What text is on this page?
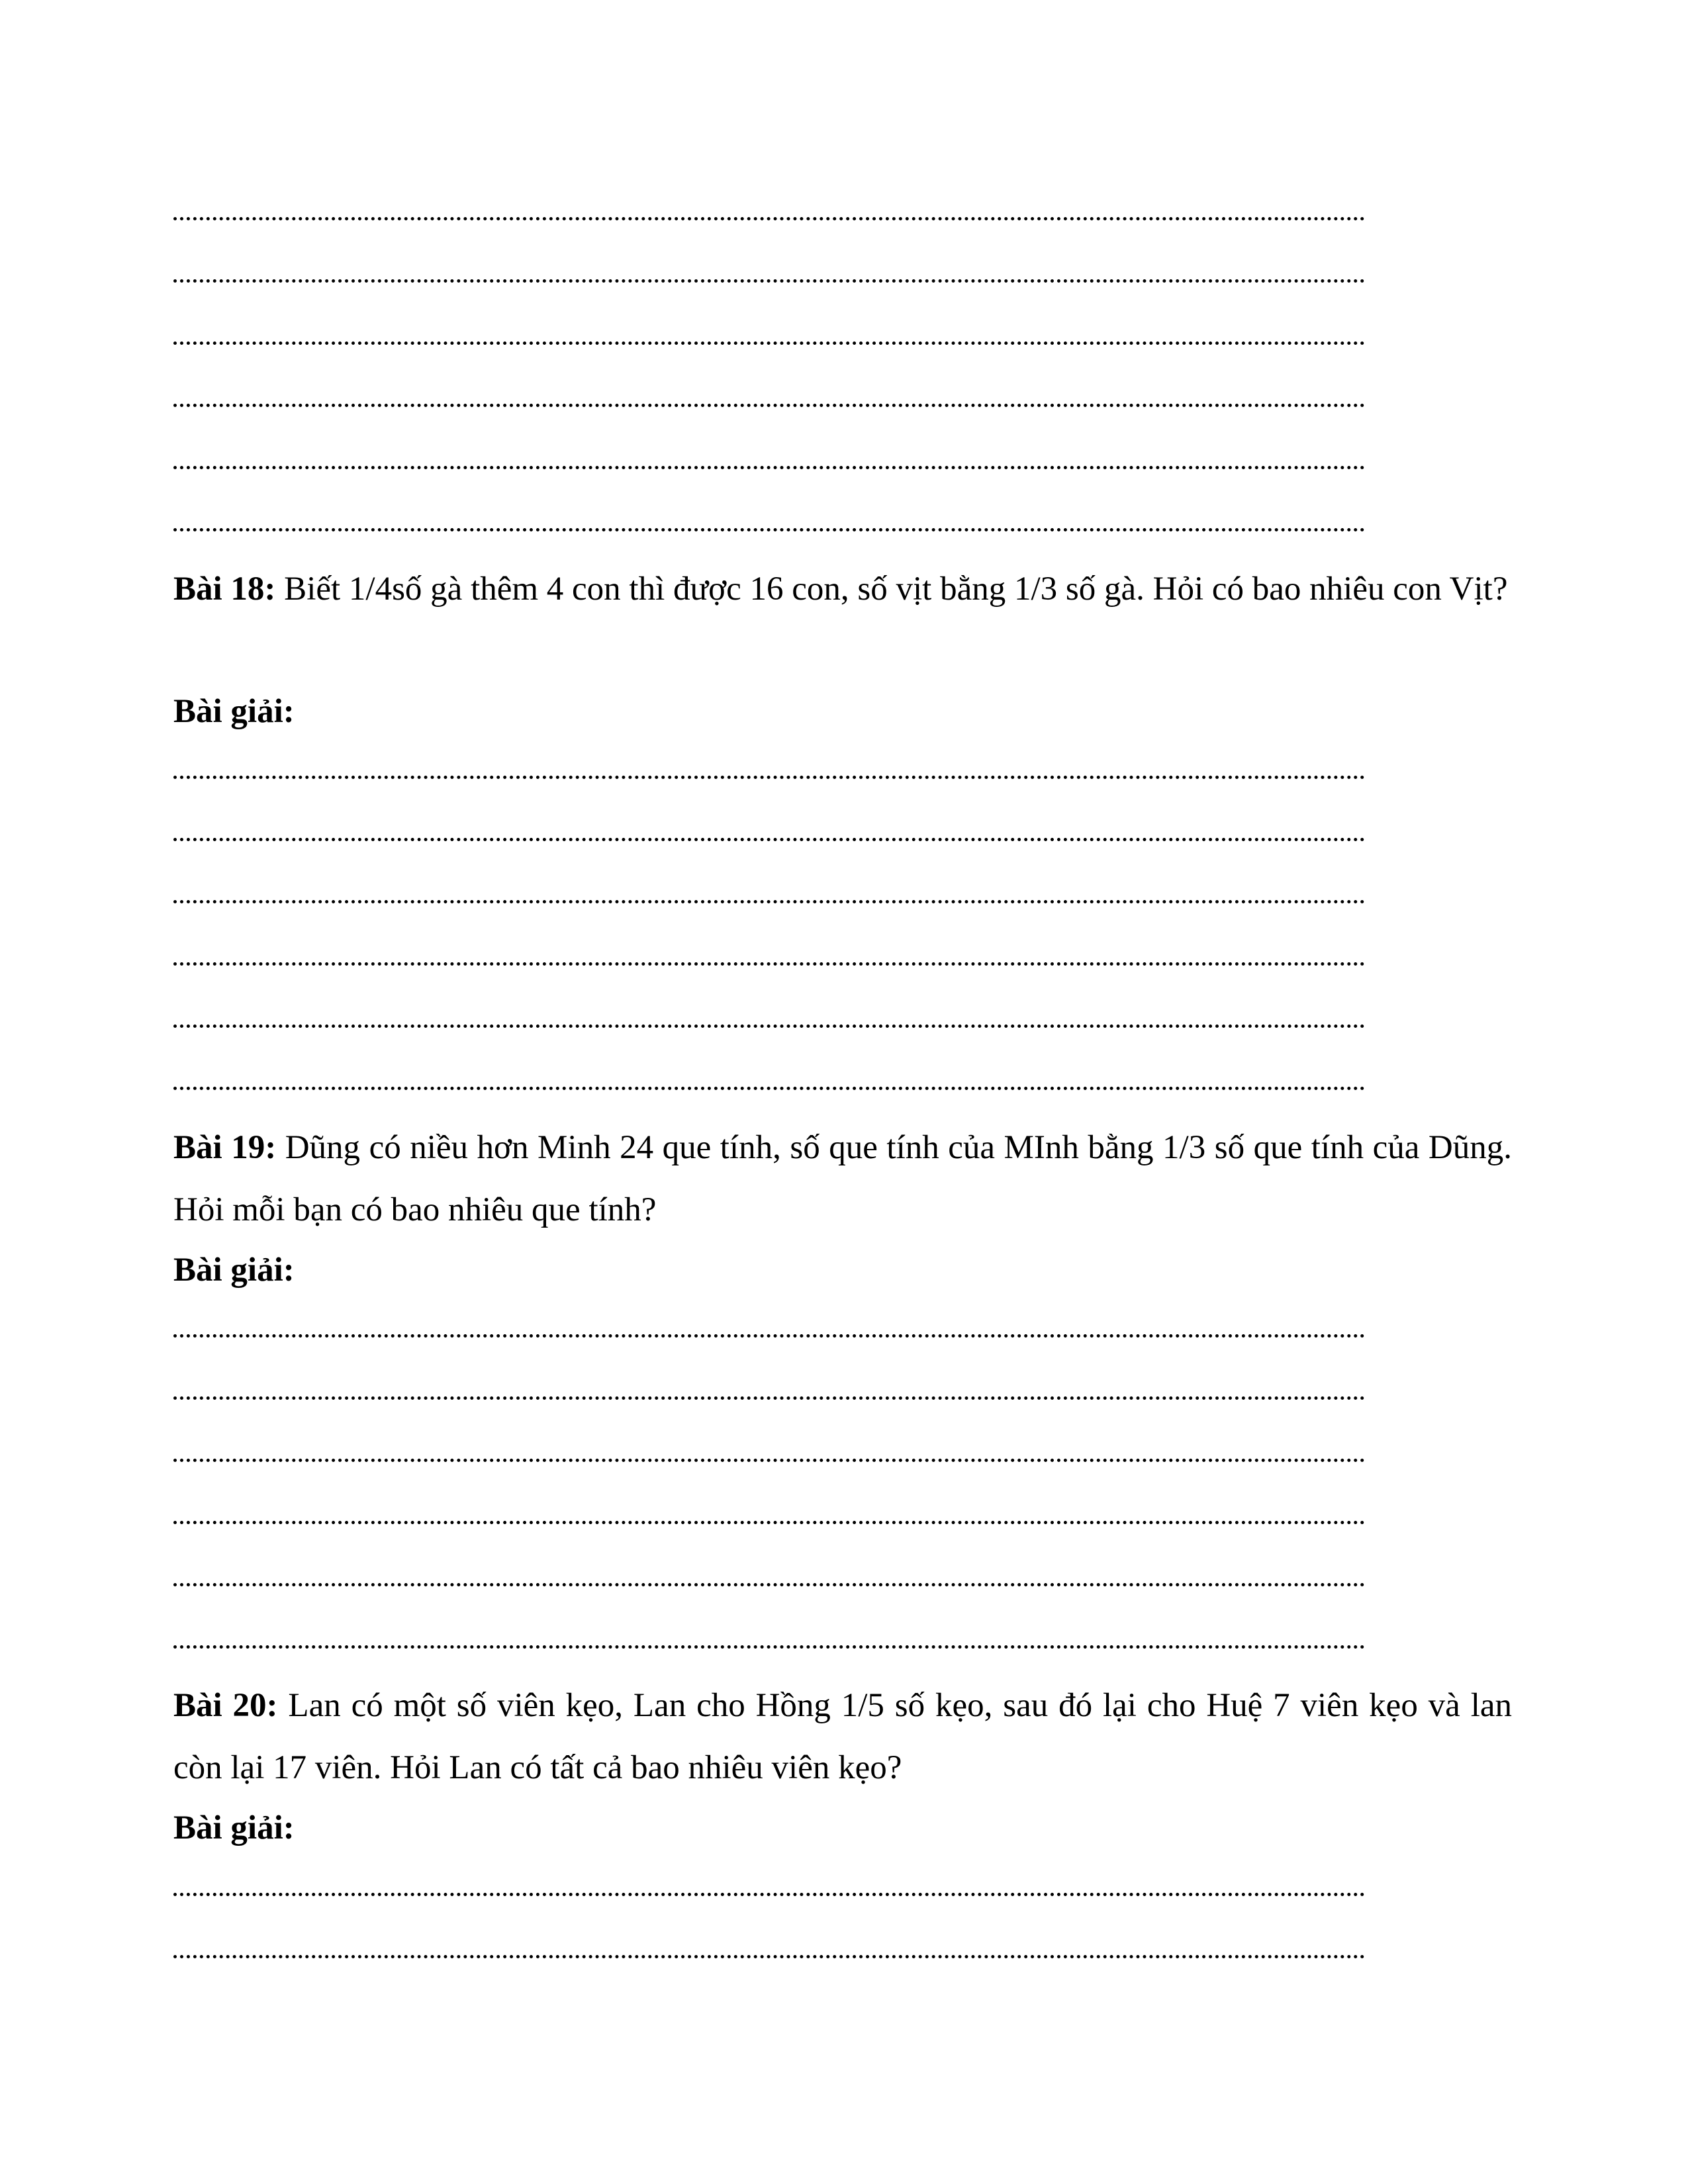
Bài 18: Biết 1/4số gà thêm 4 con thì được 16 con, số vịt bằng 1/3 số gà. Hỏi có bao nhiêu con Vịt?
Bài giải:
Bài 19: Dũng có niều hơn Minh 24 que tính, số que tính của MInh bằng 1/3 số que tính của Dũng. Hỏi mỗi bạn có bao nhiêu que tính?
Bài giải:
Bài 20: Lan có một số viên kẹo, Lan cho Hồng 1/5 số kẹo, sau đó lại cho Huệ 7 viên kẹo và lan còn lại 17 viên. Hỏi Lan có tất cả bao nhiêu viên kẹo?
Bài giải:
